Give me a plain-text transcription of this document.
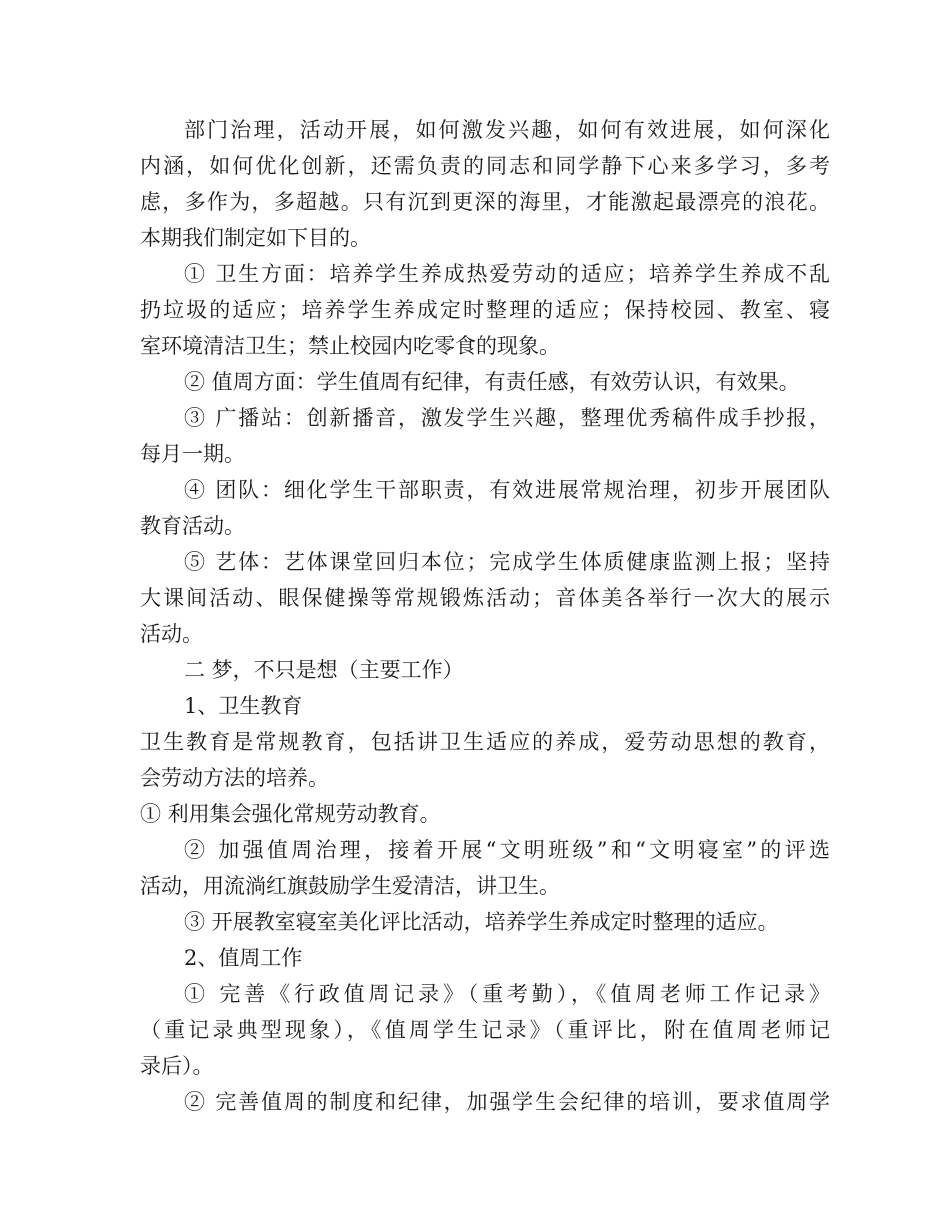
部门治理，活动开展，如何激发兴趣，如何有效进展，如何深化
内涵，如何优化创新，还需负责的同志和同学静下心来多学习，多考
虑，多作为，多超越。只有沉到更深的海里，才能激起最漂亮的浪花。
本期我们制定如下目的。
① 卫生方面：培养学生养成热爱劳动的适应；培养学生养成不乱
扔垃圾的适应；培养学生养成定时整理的适应；保持校园、教室、寝
室环境清洁卫生；禁止校园内吃零食的现象。
② 值周方面：学生值周有纪律，有责任感，有效劳认识，有效果。
③ 广播站：创新播音，激发学生兴趣，整理优秀稿件成手抄报，
每月一期。
④ 团队：细化学生干部职责，有效进展常规治理，初步开展团队
教育活动。
⑤ 艺体：艺体课堂回归本位；完成学生体质健康监测上报；坚持
大课间活动、眼保健操等常规锻炼活动；音体美各举行一次大的展示
活动。
二 梦，不只是想（主要工作）
1、卫生教育
卫生教育是常规教育，包括讲卫生适应的养成，爱劳动思想的教育，
会劳动方法的培养。
① 利用集会强化常规劳动教育。
② 加强值周治理，接着开展“文明班级”和“文明寝室”的评选
活动，用流淌红旗鼓励学生爱清洁，讲卫生。
③ 开展教室寝室美化评比活动，培养学生养成定时整理的适应。
2、值周工作
① 完善《行政值周记录》（重考勤），《值周老师工作记录》
（重记录典型现象），《值周学生记录》（重评比，附在值周老师记
录后）。
② 完善值周的制度和纪律，加强学生会纪律的培训，要求值周学
